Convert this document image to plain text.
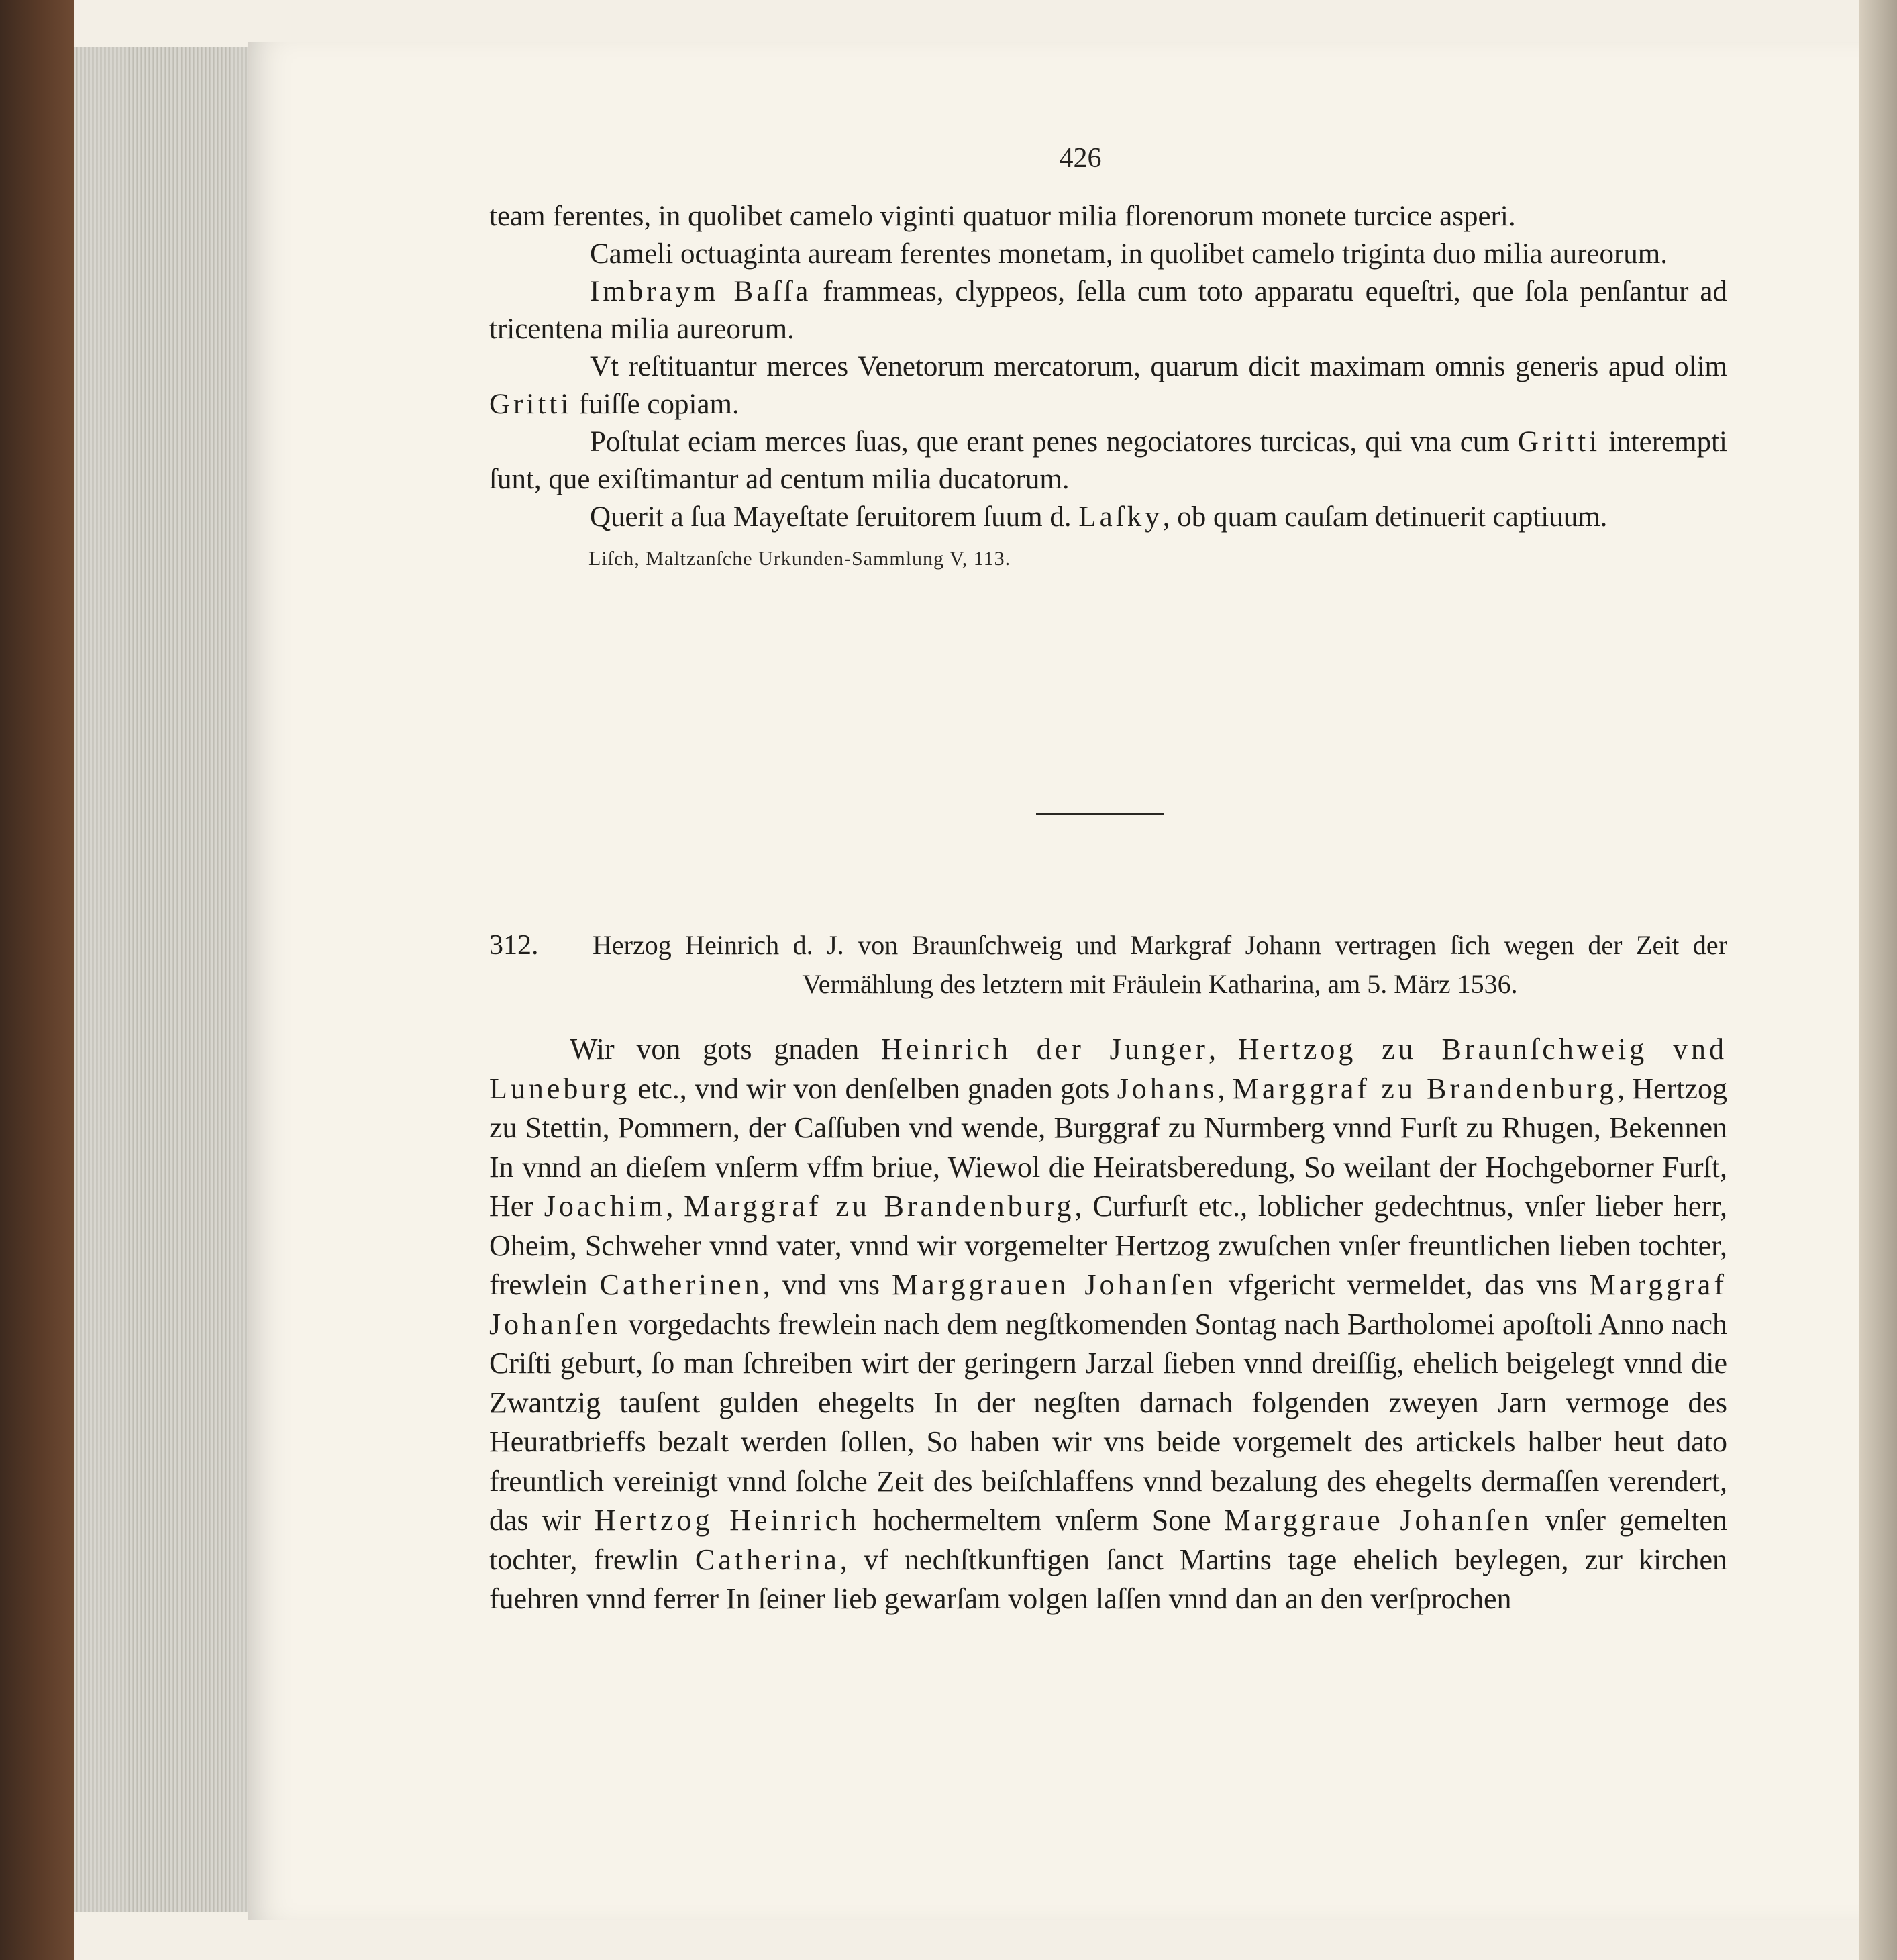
426

team ferentes, in quolibet camelo viginti quatuor milia florenorum monete turcice asperi.

Cameli octuaginta auream ferentes monetam, in quolibet camelo triginta duo milia aureorum.

Imbraym Baſſa frammeas, clyppeos, ſella cum toto apparatu equeſtri, que ſola penſantur ad tricentena milia aureorum.

Vt reſtituantur merces Venetorum mercatorum, quarum dicit maximam omnis generis apud olim Gritti fuiſſe copiam.

Poſtulat eciam merces ſuas, que erant penes negociatores turcicas, qui vna cum Gritti interempti ſunt, que exiſtimantur ad centum milia ducatorum.

Querit a ſua Mayeſtate ſeruitorem ſuum d. Laſky, ob quam cauſam detinuerit captiuum.

Liſch, Maltzanſche Urkunden-Sammlung V, 113.

312. Herzog Heinrich d. J. von Braunſchweig und Markgraf Johann vertragen ſich wegen der Zeit der Vermählung des letztern mit Fräulein Katharina, am 5. März 1536.

Wir von gots gnaden Heinrich der Junger, Hertzog zu Braunſchweig vnd Luneburg etc., vnd wir von denſelben gnaden gots Johans, Marggraf zu Brandenburg, Hertzog zu Stettin, Pommern, der Caſſuben vnd wende, Burggraf zu Nurmberg vnnd Furſt zu Rhugen, Bekennen In vnnd an dieſem vnſerm vffm briue, Wiewol die Heiratsberedung, So weilant der Hochgeborner Furſt, Her Joachim, Marggraf zu Brandenburg, Curfurſt etc., loblicher gedechtnus, vnſer lieber herr, Oheim, Schweher vnnd vater, vnnd wir vorgemelter Hertzog zwuſchen vnſer freuntlichen lieben tochter, frewlein Catherinen, vnd vns Marggrauen Johanſen vfgericht vermeldet, das vns Marggraf Johanſen vorgedachts frewlein nach dem negſtkomenden Sontag nach Bartholomei apoſtoli Anno nach Criſti geburt, ſo man ſchreiben wirt der geringern Jarzal ſieben vnnd dreiſſig, ehelich beigelegt vnnd die Zwantzig tauſent gulden ehegelts In der negſten darnach folgenden zweyen Jarn vermoge des Heuratbrieffs bezalt werden ſollen, So haben wir vns beide vorgemelt des artickels halber heut dato freuntlich vereinigt vnnd ſolche Zeit des beiſchlaffens vnnd bezalung des ehegelts dermaſſen verendert, das wir Hertzog Heinrich hochermeltem vnſerm Sone Marggraue Johanſen vnſer gemelten tochter, frewlin Catherina, vf nechſtkunftigen ſanct Martins tage ehelich beylegen, zur kirchen fuehren vnnd ferrer In ſeiner lieb gewarſam volgen laſſen vnnd dan an den verſprochen
